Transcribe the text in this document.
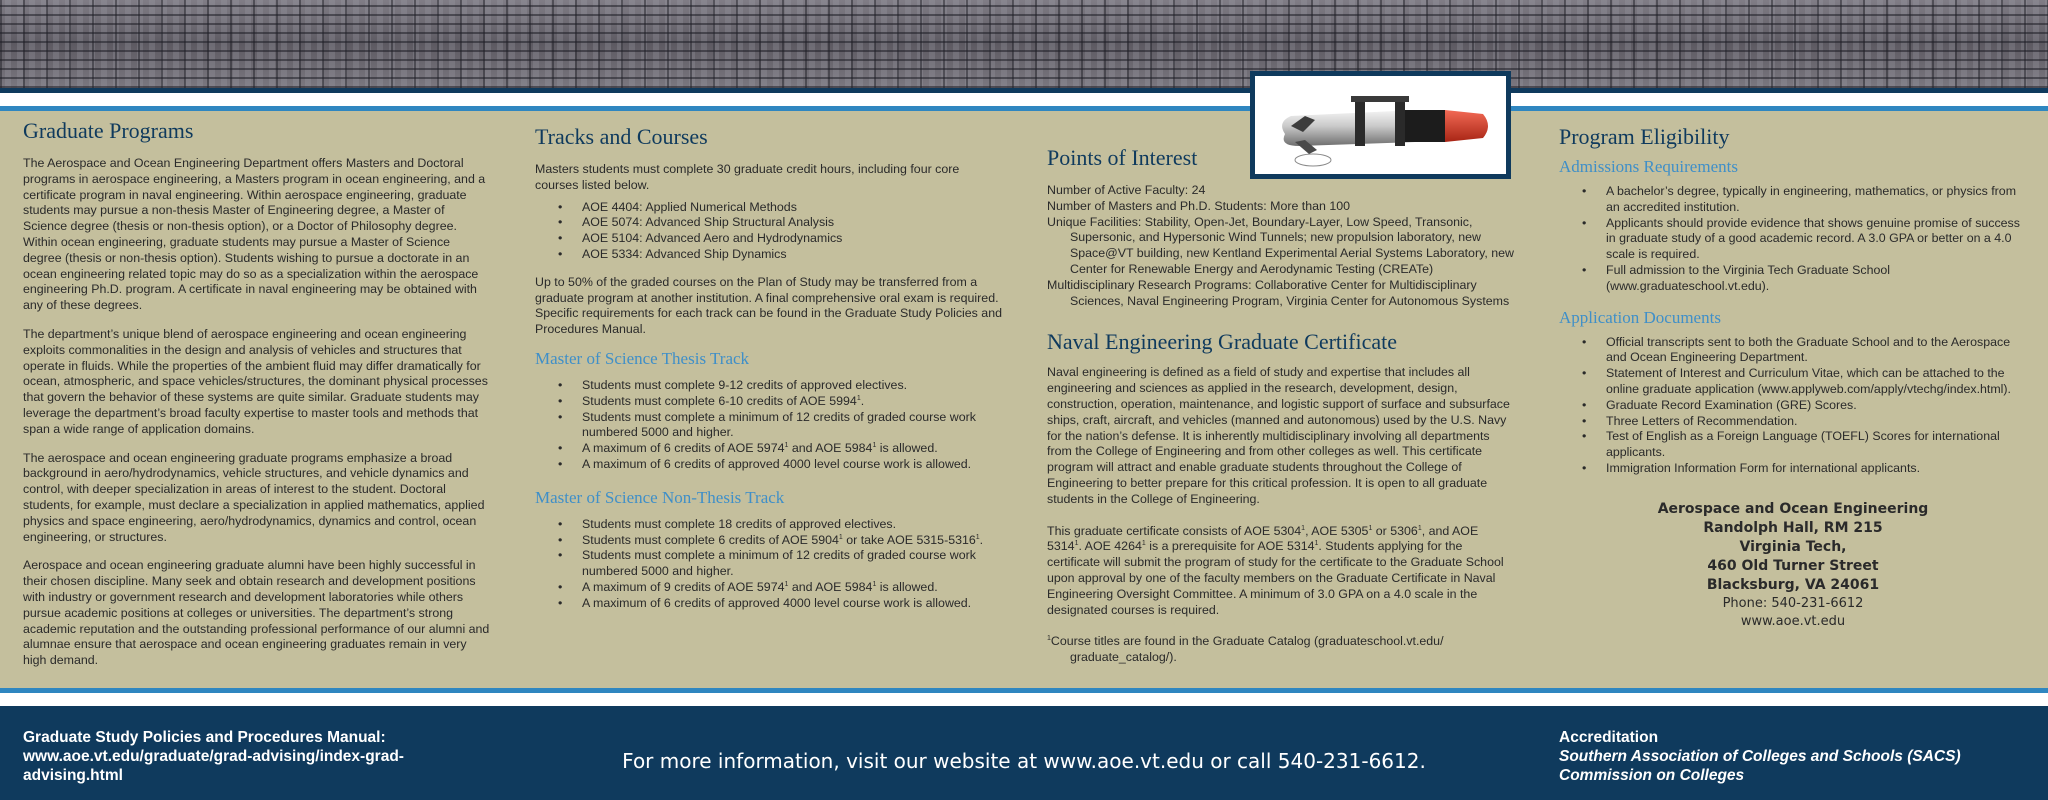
Graduate Programs

The Aerospace and Ocean Engineering Department offers Masters and Doctoral programs in aerospace engineering, a Masters program in ocean engineering, and a certificate program in naval engineering. Within aerospace engineering, graduate students may pursue a non-thesis Master of Engineering degree, a Master of Science degree (thesis or non-thesis option), or a Doctor of Philosophy degree. Within ocean engineering, graduate students may pursue a Master of Science degree (thesis or non-thesis option). Students wishing to pursue a doctorate in an ocean engineering related topic may do so as a specialization within the aerospace engineering Ph.D. program. A certificate in naval engineering may be obtained with any of these degrees.

The department’s unique blend of aerospace engineering and ocean engineering exploits commonalities in the design and analysis of vehicles and structures that operate in fluids. While the properties of the ambient fluid may differ dramatically for ocean, atmospheric, and space vehicles/structures, the dominant physical processes that govern the behavior of these systems are quite similar. Graduate students may leverage the department’s broad faculty expertise to master tools and methods that span a wide range of application domains.

The aerospace and ocean engineering graduate programs emphasize a broad background in aero/hydrodynamics, vehicle structures, and vehicle dynamics and control, with deeper specialization in areas of interest to the student. Doctoral students, for example, must declare a specialization in applied mathematics, applied physics and space engineering, aero/hydrodynamics, dynamics and control, ocean engineering, or structures.

Aerospace and ocean engineering graduate alumni have been highly successful in their chosen discipline. Many seek and obtain research and development positions with industry or government research and development laboratories while others pursue academic positions at colleges or universities. The department’s strong academic reputation and the outstanding professional performance of our alumni and alumnae ensure that aerospace and ocean engineering graduates remain in very high demand.

Tracks and Courses

Masters students must complete 30 graduate credit hours, including four core courses listed below.

• AOE 4404: Applied Numerical Methods
• AOE 5074: Advanced Ship Structural Analysis
• AOE 5104: Advanced Aero and Hydrodynamics
• AOE 5334: Advanced Ship Dynamics

Up to 50% of the graded courses on the Plan of Study may be transferred from a graduate program at another institution. A final comprehensive oral exam is required. Specific requirements for each track can be found in the Graduate Study Policies and Procedures Manual.

Master of Science Thesis Track
• Students must complete 9-12 credits of approved electives.
• Students must complete 6-10 credits of AOE 5994$^1$.
• Students must complete a minimum of 12 credits of graded course work numbered 5000 and higher.
• A maximum of 6 credits of AOE 5974$^1$ and AOE 5984$^1$ is allowed.
• A maximum of 6 credits of approved 4000 level course work is allowed.
Master of Science Non-Thesis Track
• Students must complete 18 credits of approved electives.
• Students must complete 6 credits of AOE 5904$^1$ or take AOE 5315-5316$^1$.
• Students must complete a minimum of 12 credits of graded course work numbered 5000 and higher.
• A maximum of 9 credits of AOE 5974$^1$ and AOE 5984$^1$ is allowed.
• A maximum of 6 credits of approved 4000 level course work is allowed.
Points of Interest
Number of Active Faculty: 24
Number of Masters and Ph.D. Students: More than 100
Unique Facilities: Stability, Open-Jet, Boundary-Layer, Low Speed, Transonic, Supersonic, and Hypersonic Wind Tunnels; new propulsion laboratory, new Space@VT building, new Kentland Experimental Aerial Systems Laboratory, new Center for Renewable Energy and Aerodynamic Testing (CREATe)
Multidisciplinary Research Programs: Collaborative Center for Multidisciplinary Sciences, Naval Engineering Program, Virginia Center for Autonomous Systems
Naval Engineering Graduate Certificate

Naval engineering is defined as a field of study and expertise that includes all engineering and sciences as applied in the research, development, design, construction, operation, maintenance, and logistic support of surface and subsurface ships, craft, aircraft, and vehicles (manned and autonomous) used by the U.S. Navy for the nation’s defense. It is inherently multidisciplinary involving all departments from the College of Engineering and from other colleges as well. This certificate program will attract and enable graduate students throughout the College of Engineering to better prepare for this critical profession. It is open to all graduate students in the College of Engineering.

This graduate certificate consists of AOE 5304$^1$, AOE 5305$^1$ or 5306$^1$, and AOE 5314$^1$. AOE 4264$^1$ is a prerequisite for AOE 5314$^1$. Students applying for the certificate will submit the program of study for the certificate to the Graduate School upon approval by one of the faculty members on the Graduate Certificate in Naval Engineering Oversight Committee. A minimum of 3.0 GPA on a 4.0 scale in the designated courses is required.

$^1$Course titles are found in the Graduate Catalog (graduateschool.vt.edu/ graduate_catalog/).
Program Eligibility
Admissions Requirements
• A bachelor’s degree, typically in engineering, mathematics, or physics from an accredited institution.
• Applicants should provide evidence that shows genuine promise of success in graduate study of a good academic record. A 3.0 GPA or better on a 4.0 scale is required.
• Full admission to the Virginia Tech Graduate School (www.graduateschool.vt.edu).
Application Documents
• Official transcripts sent to both the Graduate School and to the Aerospace and Ocean Engineering Department.
• Statement of Interest and Curriculum Vitae, which can be attached to the online graduate application (www.applyweb.com/apply/vtechg/index.html).
• Graduate Record Examination (GRE) Scores.
• Three Letters of Recommendation.
• Test of English as a Foreign Language (TOEFL) Scores for international applicants.
• Immigration Information Form for international applicants.
Aerospace and Ocean Engineering
Randolph Hall, RM 215
Virginia Tech,
460 Old Turner Street
Blacksburg, VA 24061
Phone: 540-231-6612
www.aoe.vt.edu
Graduate Study Policies and Procedures Manual:
www.aoe.vt.edu/graduate/grad-advising/index-grad-advising.html
For more information, visit our website at www.aoe.vt.edu or call 540-231-6612.
Accreditation
Southern Association of Colleges and Schools (SACS)
Commission on Colleges
